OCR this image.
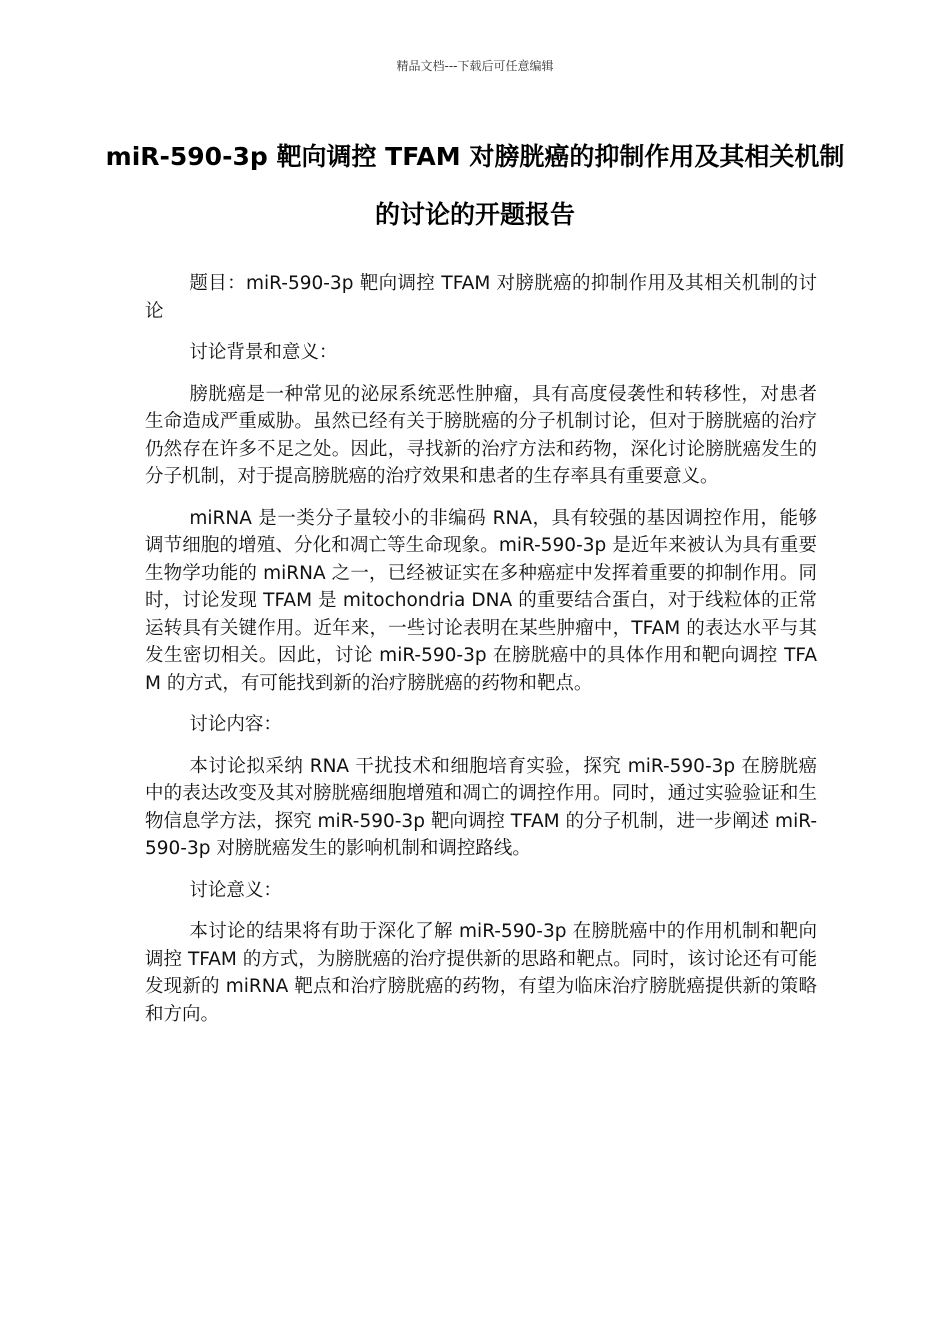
精品文档---下载后可任意编辑
miR-590-3p 靶向调控 TFAM 对膀胱癌的抑制作用及其相关机制的讨论的开题报告

题目：miR-590-3p 靶向调控 TFAM 对膀胱癌的抑制作用及其相关机制的讨论

讨论背景和意义：

膀胱癌是一种常见的泌尿系统恶性肿瘤，具有高度侵袭性和转移性，对患者生命造成严重威胁。虽然已经有关于膀胱癌的分子机制讨论，但对于膀胱癌的治疗仍然存在许多不足之处。因此，寻找新的治疗方法和药物，深化讨论膀胱癌发生的分子机制，对于提高膀胱癌的治疗效果和患者的生存率具有重要意义。

miRNA 是一类分子量较小的非编码 RNA，具有较强的基因调控作用，能够调节细胞的增殖、分化和凋亡等生命现象。miR-590-3p 是近年来被认为具有重要生物学功能的 miRNA 之一，已经被证实在多种癌症中发挥着重要的抑制作用。同时，讨论发现 TFAM 是 mitochondria DNA 的重要结合蛋白，对于线粒体的正常运转具有关键作用。近年来，一些讨论表明在某些肿瘤中，TFAM 的表达水平与其发生密切相关。因此，讨论 miR-590-3p 在膀胱癌中的具体作用和靶向调控 TFAM 的方式，有可能找到新的治疗膀胱癌的药物和靶点。

讨论内容：

本讨论拟采纳 RNA 干扰技术和细胞培育实验，探究 miR-590-3p 在膀胱癌中的表达改变及其对膀胱癌细胞增殖和凋亡的调控作用。同时，通过实验验证和生物信息学方法，探究 miR-590-3p 靶向调控 TFAM 的分子机制，进一步阐述 miR-590-3p 对膀胱癌发生的影响机制和调控路线。

讨论意义：

本讨论的结果将有助于深化了解 miR-590-3p 在膀胱癌中的作用机制和靶向调控 TFAM 的方式，为膀胱癌的治疗提供新的思路和靶点。同时，该讨论还有可能发现新的 miRNA 靶点和治疗膀胱癌的药物，有望为临床治疗膀胱癌提供新的策略和方向。
